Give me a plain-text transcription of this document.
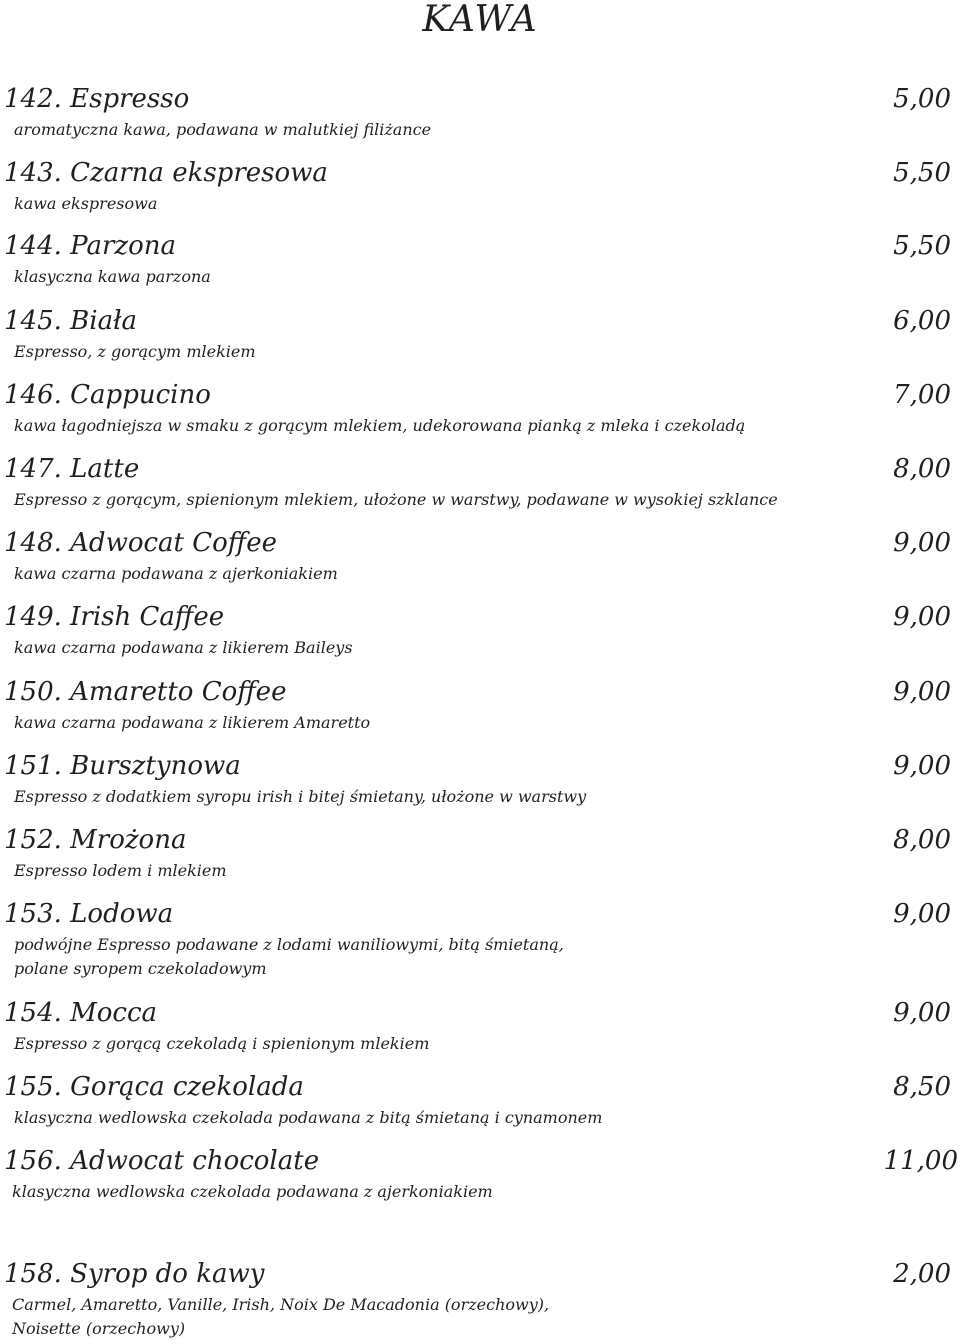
KAWA
142. Espresso	5,00
aromatyczna kawa, podawana w malutkiej filiżance
143. Czarna ekspresowa	5,50
kawa ekspresowa
144. Parzona	5,50
klasyczna kawa parzona
145. Biała	6,00
Espresso, z gorącym mlekiem
146. Cappucino	7,00
kawa łagodniejsza w smaku z gorącym mlekiem, udekorowana pianką z mleka i czekoladą
147. Latte	8,00
Espresso z gorącym, spienionym mlekiem, ułożone w warstwy, podawane w wysokiej szklance
148. Adwocat Coffee	9,00
kawa czarna podawana z ajerkoniakiem
149. Irish Caffee	9,00
kawa czarna podawana z likierem Baileys
150. Amaretto Coffee	9,00
kawa czarna podawana z likierem Amaretto
151. Bursztynowa	9,00
Espresso z dodatkiem syropu irish i bitej śmietany, ułożone w warstwy
152. Mrożona	8,00
Espresso lodem i mlekiem
153. Lodowa	9,00
podwójne Espresso podawane z lodami waniliowymi, bitą śmietaną,
polane syropem czekoladowym
154. Mocca	9,00
Espresso z gorącą czekoladą i spienionym mlekiem
155. Gorąca czekolada	8,50
klasyczna wedlowska czekolada podawana z bitą śmietaną i cynamonem
156. Adwocat chocolate	11,00
klasyczna wedlowska czekolada podawana z ajerkoniakiem
158. Syrop do kawy	2,00
Carmel, Amaretto, Vanille, Irish, Noix De Macadonia (orzechowy),
Noisette (orzechowy)
